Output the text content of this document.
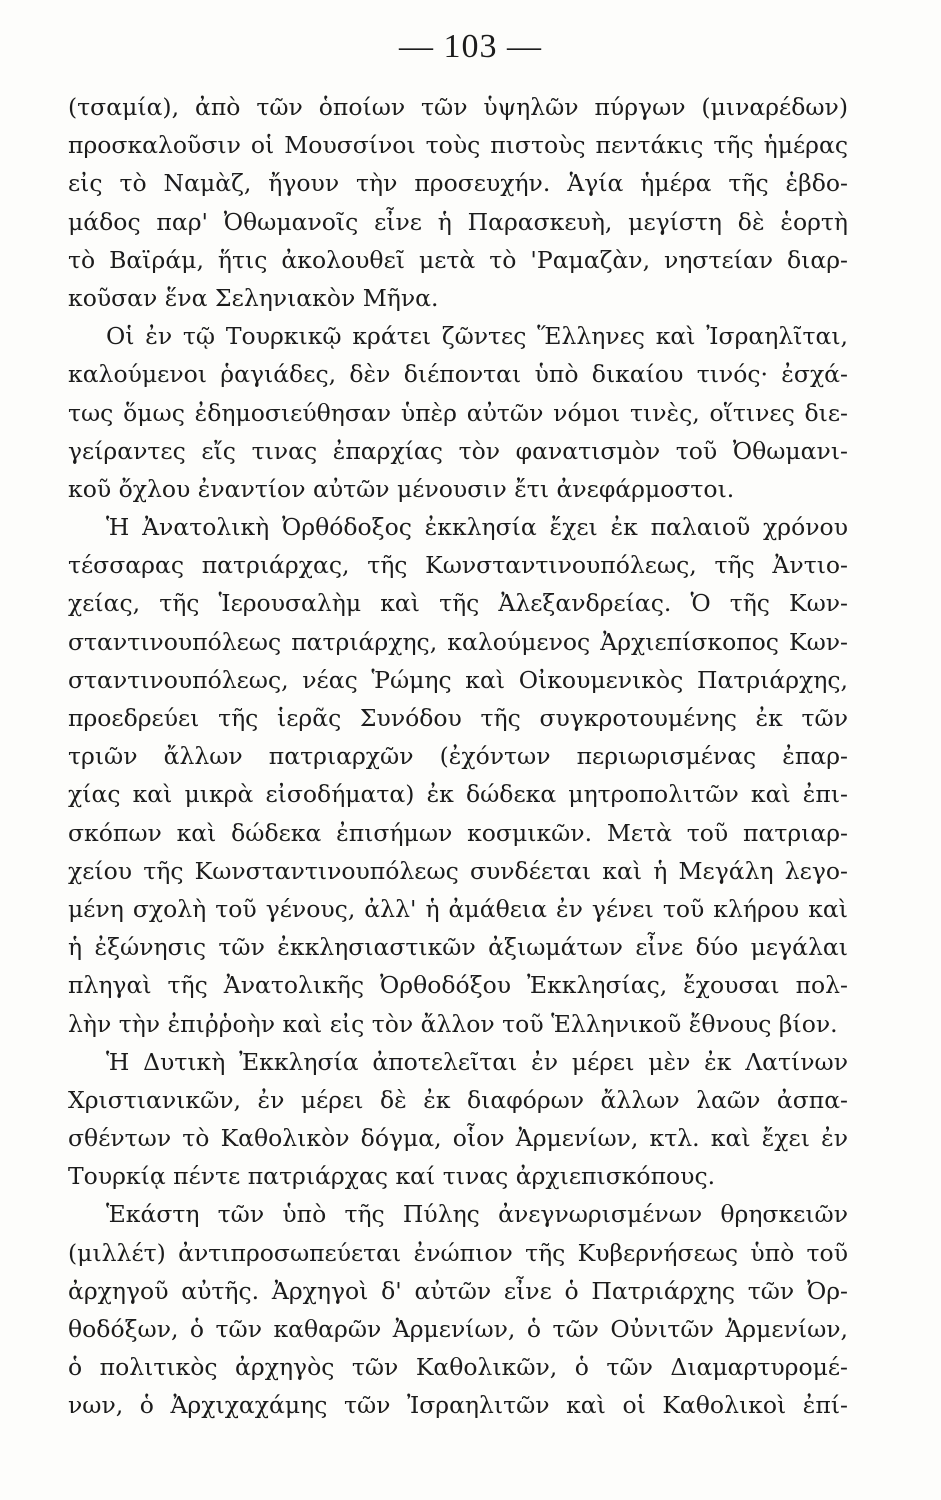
— 103 —
(τσαμία), ἀπὸ τῶν ὁποίων τῶν ὑψηλῶν πύργων (μιναρέδων)
προσκαλοῦσιν οἱ Μουσσίνοι τοὺς πιστοὺς πεντάκις τῆς ἡμέρας
εἰς τὸ Ναμὰζ, ἤγουν τὴν προσευχήν. Ἁγία ἡμέρα τῆς ἑβδο-
μάδος παρ' Ὀθωμανοῖς εἶνε ἡ Παρασκευὴ, μεγίστη δὲ ἑορτὴ
τὸ Βαϊράμ, ἥτις ἀκολουθεῖ μετὰ τὸ 'Ραμαζὰν, νηστείαν διαρ-
κοῦσαν ἕνα Σεληνιακὸν Μῆνα.
Οἱ ἐν τῷ Τουρκικῷ κράτει ζῶντες Ἕλληνες καὶ Ἰσραηλῖται,
καλούμενοι ῥαγιάδες, δὲν διέπονται ὑπὸ δικαίου τινός· ἐσχά-
τως ὅμως ἐδημοσιεύθησαν ὑπὲρ αὐτῶν νόμοι τινὲς, οἵτινες διε-
γείραντες εἴς τινας ἐπαρχίας τὸν φανατισμὸν τοῦ Ὀθωμανι-
κοῦ ὄχλου ἐναντίον αὐτῶν μένουσιν ἔτι ἀνεφάρμοστοι.
Ἡ Ἀνατολικὴ Ὀρθόδοξος ἐκκλησία ἔχει ἐκ παλαιοῦ χρόνου
τέσσαρας πατριάρχας, τῆς Κωνσταντινουπόλεως, τῆς Ἀντιο-
χείας, τῆς Ἱερουσαλὴμ καὶ τῆς Ἀλεξανδρείας. Ὁ τῆς Κων-
σταντινουπόλεως πατριάρχης, καλούμενος Ἀρχιεπίσκοπος Κων-
σταντινουπόλεως, νέας Ῥώμης καὶ Οἰκουμενικὸς Πατριάρχης,
προεδρεύει τῆς ἱερᾶς Συνόδου τῆς συγκροτουμένης ἐκ τῶν
τριῶν ἄλλων πατριαρχῶν (ἐχόντων περιωρισμένας ἐπαρ-
χίας καὶ μικρὰ εἰσοδήματα) ἐκ δώδεκα μητροπολιτῶν καὶ ἐπι-
σκόπων καὶ δώδεκα ἐπισήμων κοσμικῶν. Μετὰ τοῦ πατριαρ-
χείου τῆς Κωνσταντινουπόλεως συνδέεται καὶ ἡ Μεγάλη λεγο-
μένη σχολὴ τοῦ γένους, ἀλλ' ἡ ἀμάθεια ἐν γένει τοῦ κλήρου καὶ
ἡ ἐξώνησις τῶν ἐκκλησιαστικῶν ἀξιωμάτων εἶνε δύο μεγάλαι
πληγαὶ τῆς Ἀνατολικῆς Ὀρθοδόξου Ἐκκλησίας, ἔχουσαι πολ-
λὴν τὴν ἐπιῤῥοὴν καὶ εἰς τὸν ἄλλον τοῦ Ἑλληνικοῦ ἔθνους βίον.
Ἡ Δυτικὴ Ἐκκλησία ἀποτελεῖται ἐν μέρει μὲν ἐκ Λατίνων
Χριστιανικῶν, ἐν μέρει δὲ ἐκ διαφόρων ἄλλων λαῶν ἀσπα-
σθέντων τὸ Καθολικὸν δόγμα, οἷον Ἀρμενίων, κτλ. καὶ ἔχει ἐν
Τουρκίᾳ πέντε πατριάρχας καί τινας ἀρχιεπισκόπους.
Ἑκάστη τῶν ὑπὸ τῆς Πύλης ἀνεγνωρισμένων θρησκειῶν
(μιλλέτ) ἀντιπροσωπεύεται ἐνώπιον τῆς Κυβερνήσεως ὑπὸ τοῦ
ἀρχηγοῦ αὐτῆς. Ἀρχηγοὶ δ' αὐτῶν εἶνε ὁ Πατριάρχης τῶν Ὀρ-
θοδόξων, ὁ τῶν καθαρῶν Ἀρμενίων, ὁ τῶν Οὐνιτῶν Ἀρμενίων,
ὁ πολιτικὸς ἀρχηγὸς τῶν Καθολικῶν, ὁ τῶν Διαμαρτυρομέ-
νων, ὁ Ἀρχιχαχάμης τῶν Ἰσραηλιτῶν καὶ οἱ Καθολικοὶ ἐπί-
